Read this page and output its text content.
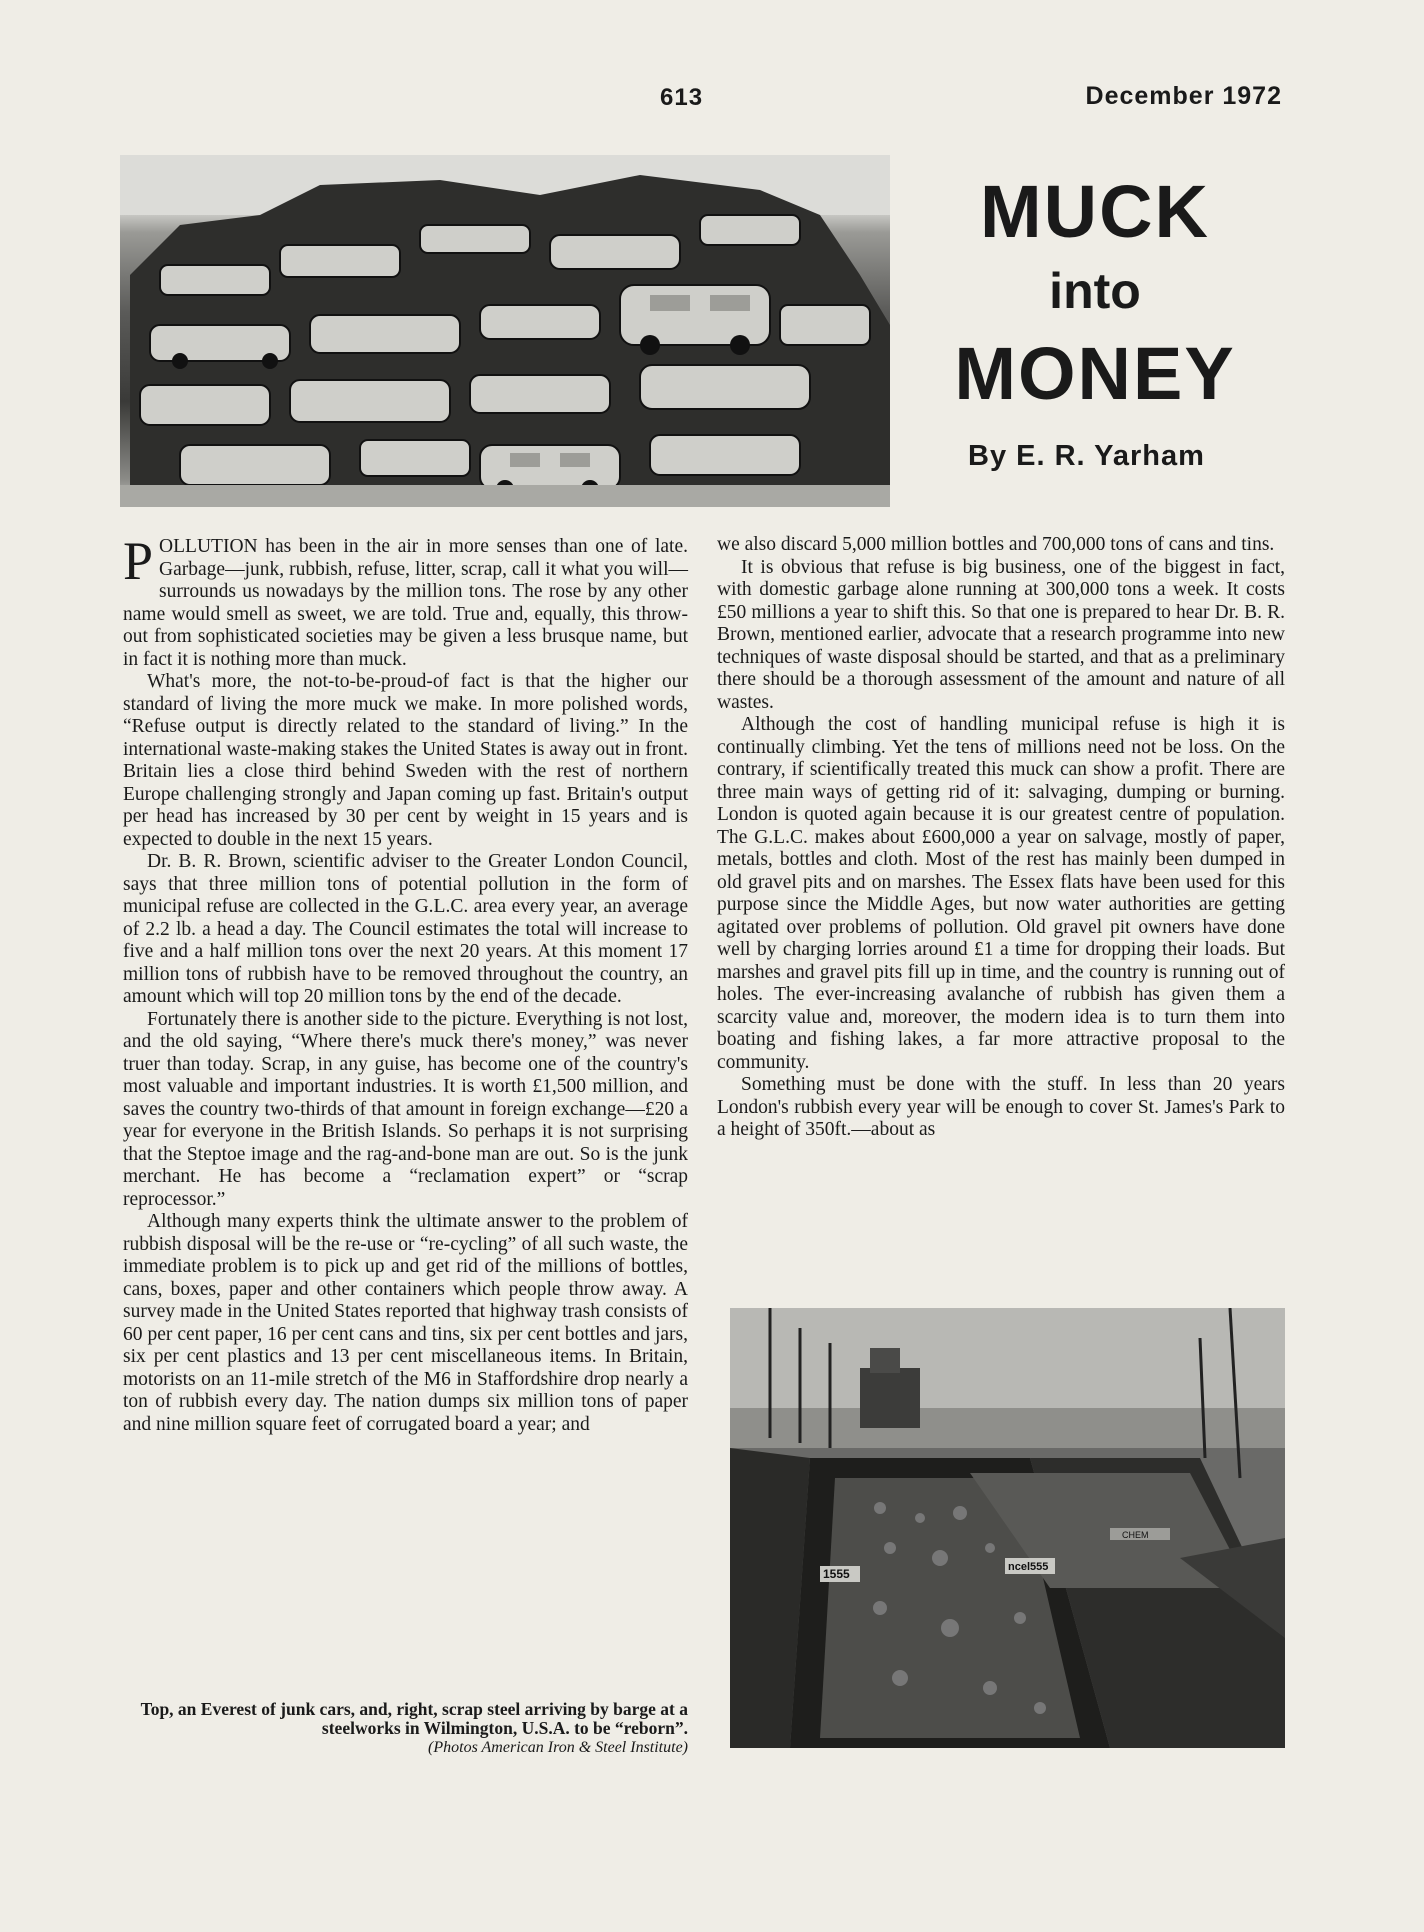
613	December 1972
MUCK
into
MONEY
By E. R. Yarham

POLLUTION has been in the air in more senses than one of late. Garbage—junk, rubbish, refuse, litter, scrap, call it what you will—surrounds us nowadays by the million tons. The rose by any other name would smell as sweet, we are told. True and, equally, this throw-out from sophisticated societies may be given a less brusque name, but in fact it is nothing more than muck.

What's more, the not-to-be-proud-of fact is that the higher our standard of living the more muck we make. In more polished words, “Refuse output is directly related to the standard of living.” In the international waste-making stakes the United States is away out in front. Britain lies a close third behind Sweden with the rest of northern Europe challenging strongly and Japan coming up fast. Britain's output per head has increased by 30 per cent by weight in 15 years and is expected to double in the next 15 years.

Dr. B. R. Brown, scientific adviser to the Greater London Council, says that three million tons of potential pollution in the form of municipal refuse are collected in the G.L.C. area every year, an average of 2.2 lb. a head a day. The Council estimates the total will increase to five and a half million tons over the next 20 years. At this moment 17 million tons of rubbish have to be removed throughout the country, an amount which will top 20 million tons by the end of the decade.

Fortunately there is another side to the picture. Everything is not lost, and the old saying, “Where there's muck there's money,” was never truer than today. Scrap, in any guise, has become one of the country's most valuable and important industries. It is worth £1,500 million, and saves the country two-thirds of that amount in foreign exchange—£20 a year for everyone in the British Islands. So perhaps it is not surprising that the Steptoe image and the rag-and-bone man are out. So is the junk merchant. He has become a “reclamation expert” or “scrap reprocessor.”

Although many experts think the ultimate answer to the problem of rubbish disposal will be the re-use or “re-cycling” of all such waste, the immediate problem is to pick up and get rid of the millions of bottles, cans, boxes, paper and other containers which people throw away. A survey made in the United States reported that highway trash consists of 60 per cent paper, 16 per cent cans and tins, six per cent bottles and jars, six per cent plastics and 13 per cent miscellaneous items. In Britain, motorists on an 11-mile stretch of the M6 in Staffordshire drop nearly a ton of rubbish every day. The nation dumps six million tons of paper and nine million square feet of corrugated board a year; and

we also discard 5,000 million bottles and 700,000 tons of cans and tins.

It is obvious that refuse is big business, one of the biggest in fact, with domestic garbage alone running at 300,000 tons a week. It costs £50 millions a year to shift this. So that one is prepared to hear Dr. B. R. Brown, mentioned earlier, advocate that a research programme into new techniques of waste disposal should be started, and that as a preliminary there should be a thorough assessment of the amount and nature of all wastes.

Although the cost of handling municipal refuse is high it is continually climbing. Yet the tens of millions need not be loss. On the contrary, if scientifically treated this muck can show a profit. There are three main ways of getting rid of it: salvaging, dumping or burning. London is quoted again because it is our greatest centre of population. The G.L.C. makes about £600,000 a year on salvage, mostly of paper, metals, bottles and cloth. Most of the rest has mainly been dumped in old gravel pits and on marshes. The Essex flats have been used for this purpose since the Middle Ages, but now water authorities are getting agitated over problems of pollution. Old gravel pit owners have done well by charging lorries around £1 a time for dropping their loads. But marshes and gravel pits fill up in time, and the country is running out of holes. The ever-increasing avalanche of rubbish has given them a scarcity value and, moreover, the modern idea is to turn them into boating and fishing lakes, a far more attractive proposal to the community.

Something must be done with the stuff. In less than 20 years London's rubbish every year will be enough to cover St. James's Park to a height of 350ft.—about as

CHEM
1555	ncel555
Top, an Everest of junk cars, and, right, scrap steel arriving by barge at a steelworks in Wilmington, U.S.A. to be “reborn”.
(Photos American Iron & Steel Institute)
